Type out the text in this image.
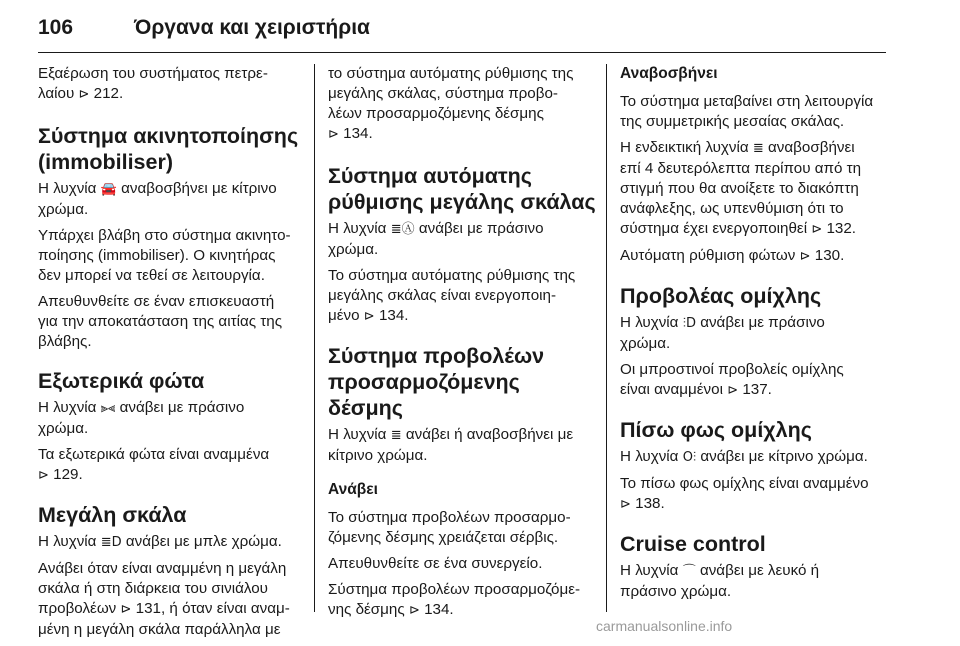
106	Όργανα και χειριστήρια

Εξαέρωση του συστήματος πετρε-
λαίου ⊳ 212.

Σύστημα ακινητοποίησης
(immobiliser)

Η λυχνία 🚘 αναβοσβήνει με κίτρινο
χρώμα.

Υπάρχει βλάβη στο σύστημα ακινητο-
ποίησης (immobiliser). Ο κινητήρας
δεν μπορεί να τεθεί σε λειτουργία.

Απευθυνθείτε σε έναν επισκευαστή
για την αποκατάσταση της αιτίας της
βλάβης.

Εξωτερικά φώτα

Η λυχνία ⫸⫷ ανάβει με πράσινο
χρώμα.

Τα εξωτερικά φώτα είναι αναμμένα
⊳ 129.

Μεγάλη σκάλα

Η λυχνία ≣D ανάβει με μπλε χρώμα.

Ανάβει όταν είναι αναμμένη η μεγάλη
σκάλα ή στη διάρκεια του σινιάλου
προβολέων ⊳ 131, ή όταν είναι αναμ-
μένη η μεγάλη σκάλα παράλληλα με

το σύστημα αυτόματης ρύθμισης της
μεγάλης σκάλας, σύστημα προβο-
λέων προσαρμοζόμενης δέσμης
⊳ 134.

Σύστημα αυτόματης
ρύθμισης μεγάλης σκάλας

Η λυχνία ≣Ⓐ ανάβει με πράσινο
χρώμα.

Το σύστημα αυτόματης ρύθμισης της
μεγάλης σκάλας είναι ενεργοποιη-
μένο ⊳ 134.

Σύστημα προβολέων
προσαρμοζόμενης δέσμης

Η λυχνία ≣ ανάβει ή αναβοσβήνει με
κίτρινο χρώμα.

Ανάβει

Το σύστημα προβολέων προσαρμο-
ζόμενης δέσμης χρειάζεται σέρβις.

Απευθυνθείτε σε ένα συνεργείο.

Σύστημα προβολέων προσαρμοζόμε-
νης δέσμης ⊳ 134.

Αναβοσβήνει

Το σύστημα μεταβαίνει στη λειτουργία
της συμμετρικής μεσαίας σκάλας.

Η ενδεικτική λυχνία ≣ αναβοσβήνει
επί 4 δευτερόλεπτα περίπου από τη
στιγμή που θα ανοίξετε το διακόπτη
ανάφλεξης, ως υπενθύμιση ότι το
σύστημα έχει ενεργοποιηθεί ⊳ 132.

Αυτόματη ρύθμιση φώτων ⊳ 130.

Προβολέας ομίχλης

Η λυχνία ⫶D ανάβει με πράσινο
χρώμα.

Οι μπροστινοί προβολείς ομίχλης
είναι αναμμένοι ⊳ 137.

Πίσω φως ομίχλης

Η λυχνία O⫶ ανάβει με κίτρινο χρώμα.

Το πίσω φως ομίχλης είναι αναμμένο
⊳ 138.

Cruise control

Η λυχνία ⌒ ανάβει με λευκό ή
πράσινο χρώμα.

carmanualsonline.info
